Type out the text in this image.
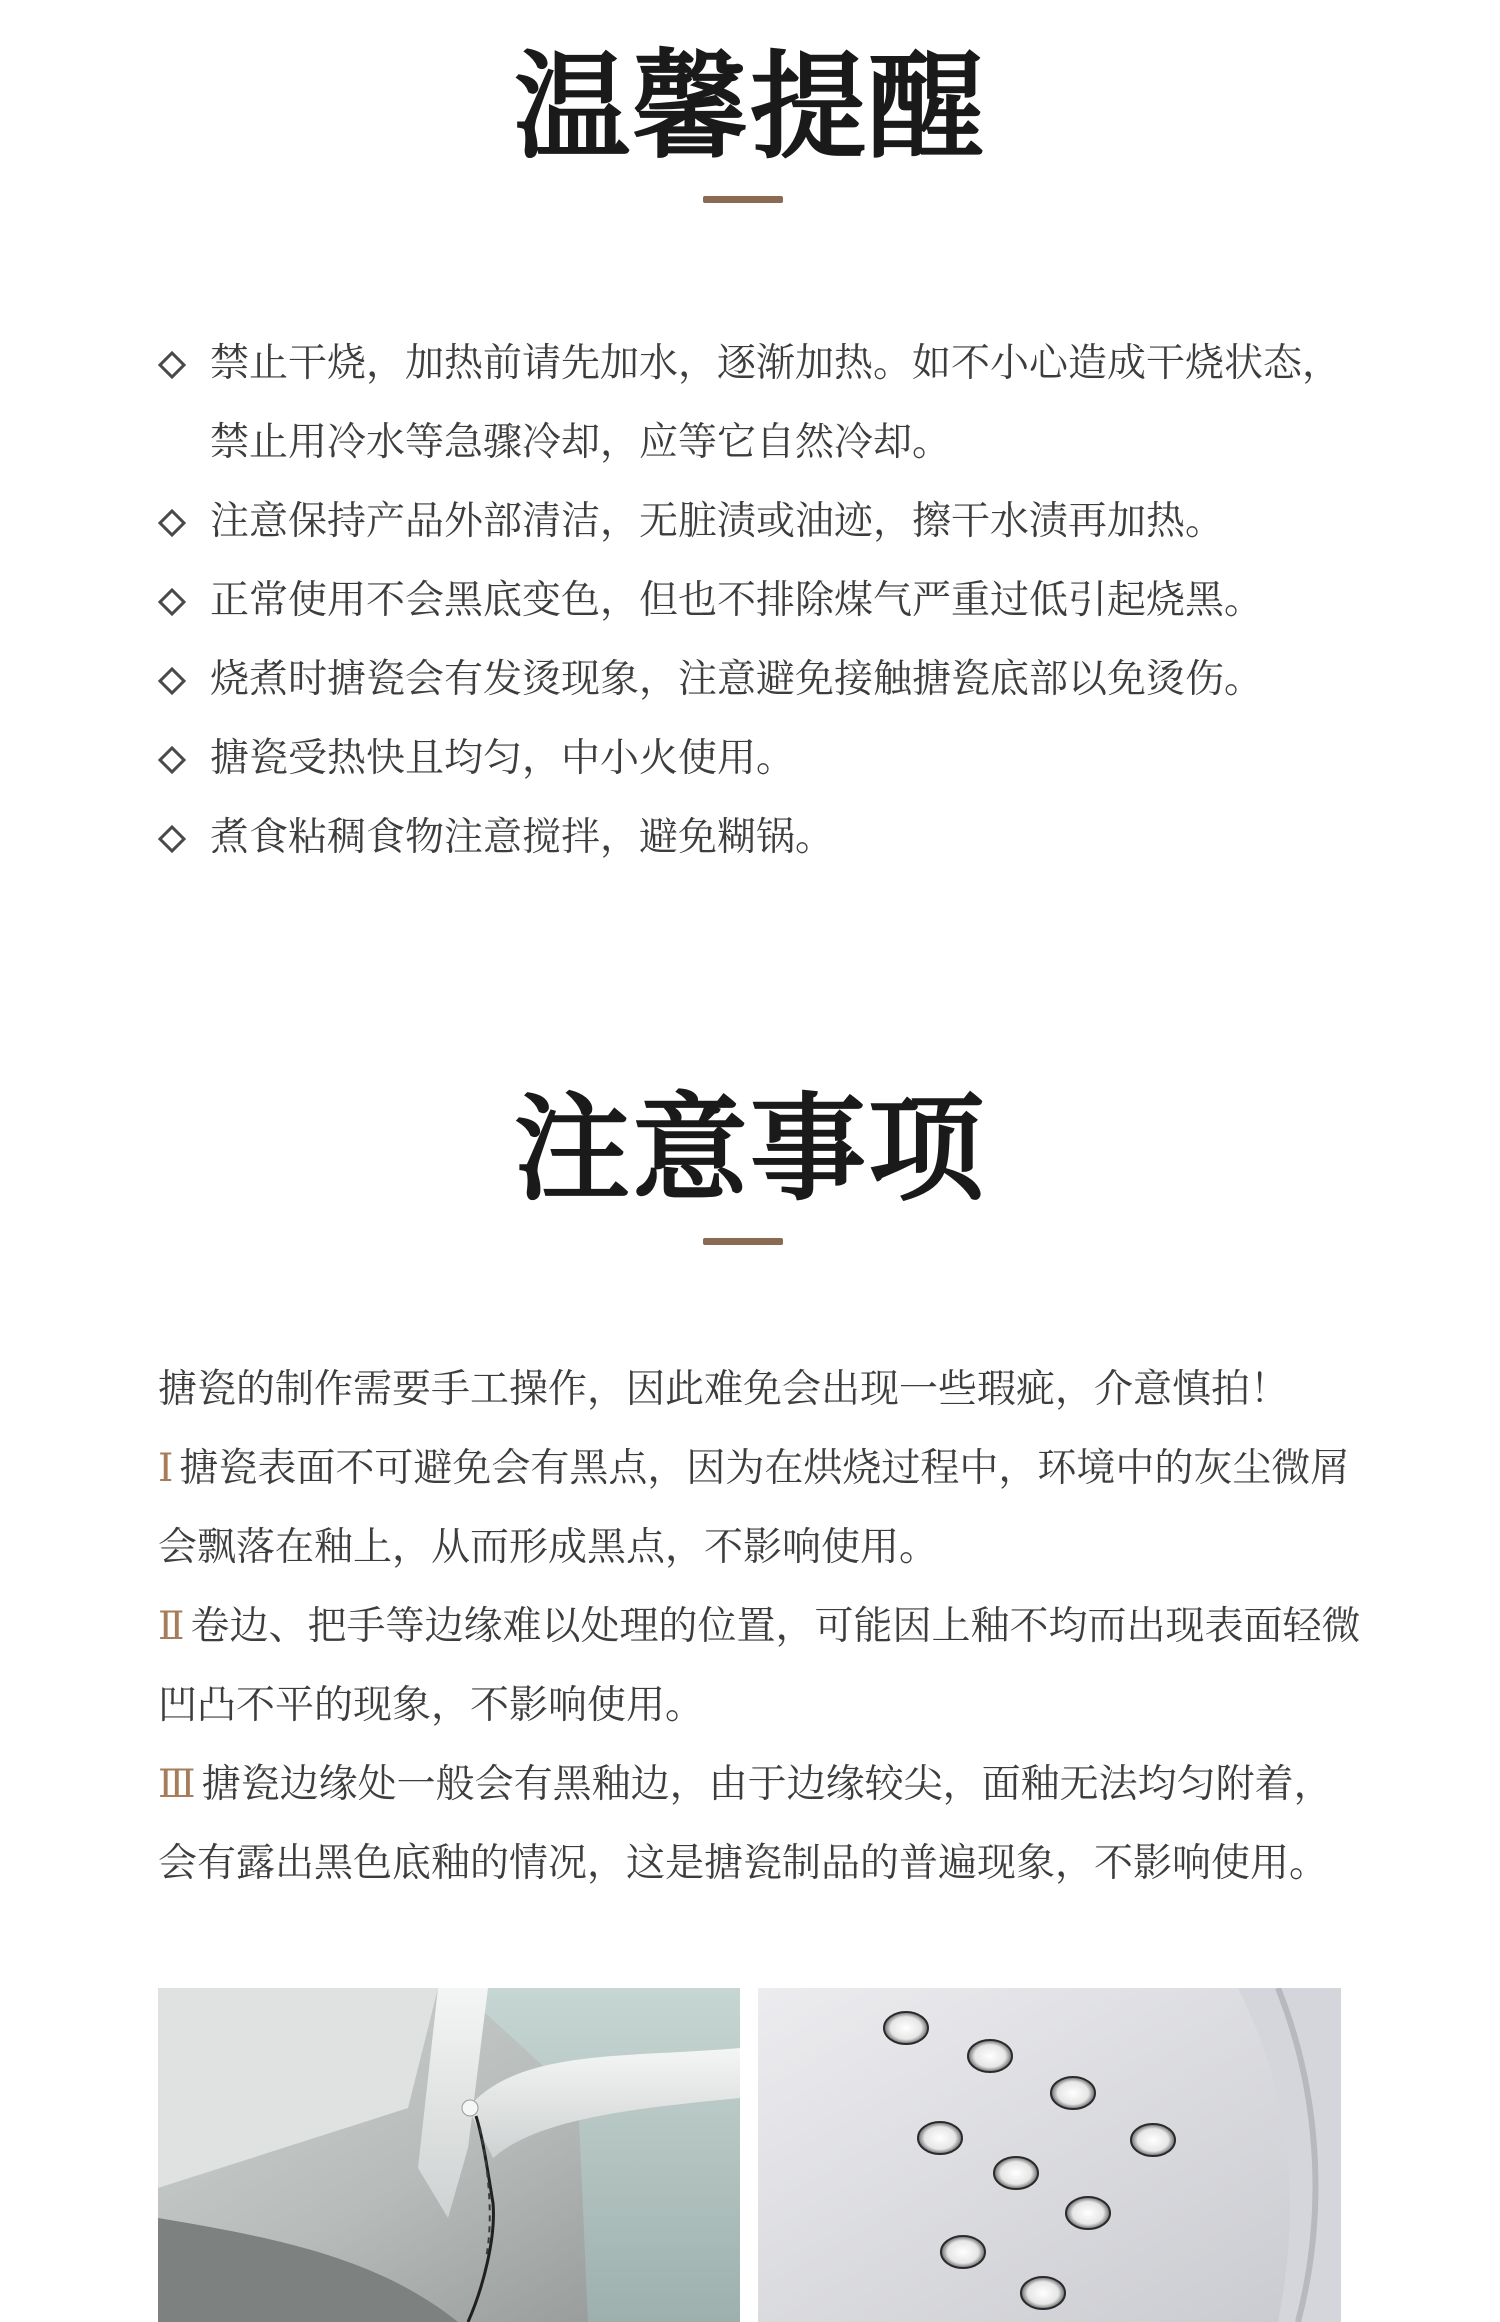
温馨提醒
禁止干烧，加热前请先加水，逐渐加热。如不小心造成干烧状态，禁止用冷水等急骤冷却，应等它自然冷却。
注意保持产品外部清洁，无脏渍或油迹，擦干水渍再加热。
正常使用不会黑底变色，但也不排除煤气严重过低引起烧黑。
烧煮时搪瓷会有发烫现象，注意避免接触搪瓷底部以免烫伤。
搪瓷受热快且均匀，中小火使用。
煮食粘稠食物注意搅拌，避免糊锅。
注意事项
搪瓷的制作需要手工操作，因此难免会出现一些瑕疵，介意慎拍！

Ⅰ 搪瓷表面不可避免会有黑点，因为在烘烧过程中，环境中的灰尘微屑会飘落在釉上，从而形成黑点，不影响使用。

Ⅱ 卷边、把手等边缘难以处理的位置，可能因上釉不均而出现表面轻微凹凸不平的现象，不影响使用。

Ⅲ 搪瓷边缘处一般会有黑釉边，由于边缘较尖，面釉无法均匀附着，会有露出黑色底釉的情况，这是搪瓷制品的普遍现象，不影响使用。
